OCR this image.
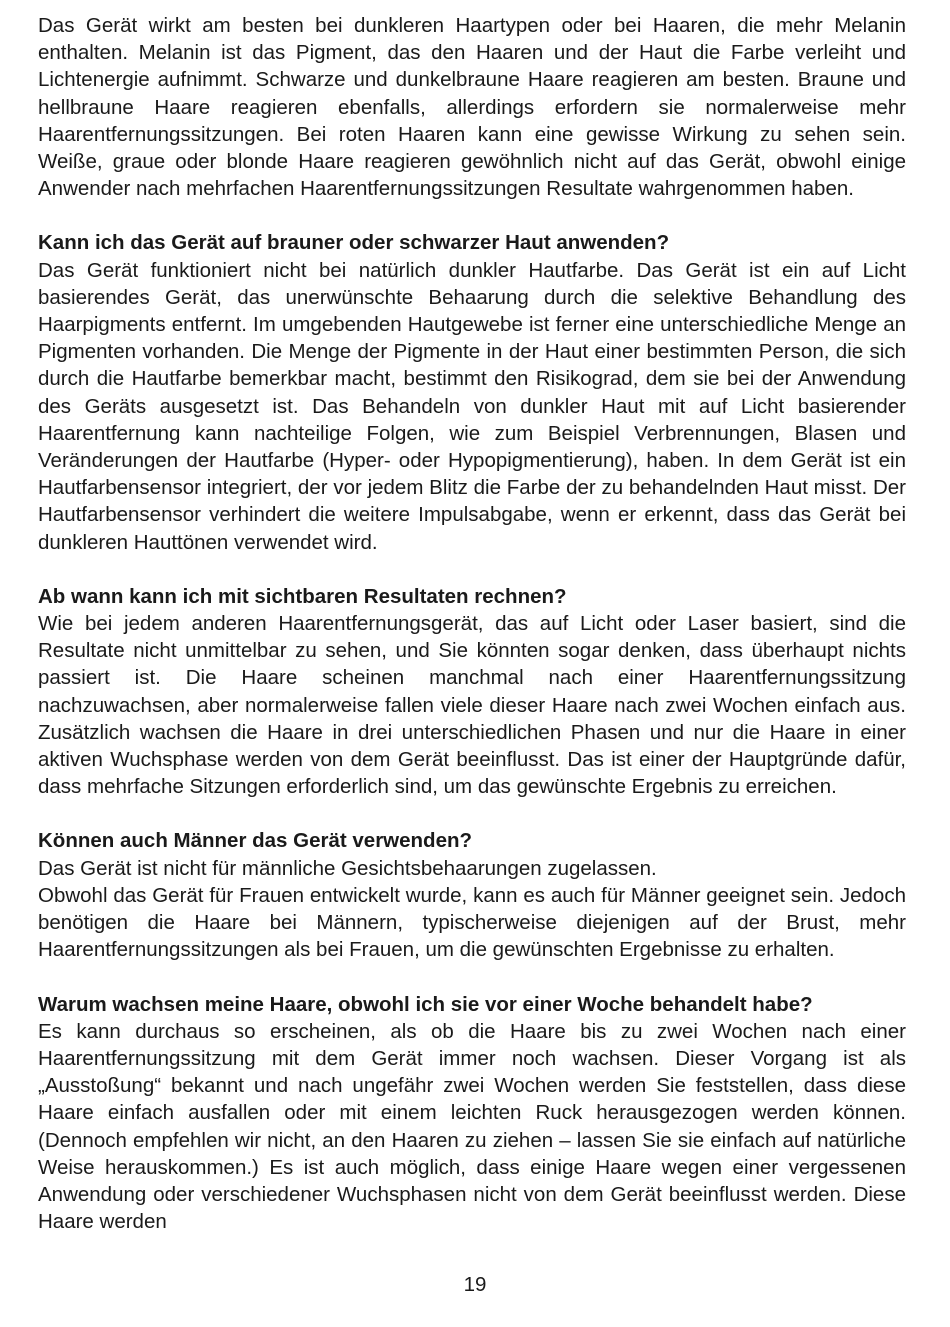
Das Gerät wirkt am besten bei dunkleren Haartypen oder bei Haaren, die mehr Melanin enthalten. Melanin ist das Pigment, das den Haaren und der Haut die Farbe verleiht und Lichtenergie aufnimmt. Schwarze und dunkelbraune Haare reagieren am besten. Braune und hellbraune Haare reagieren ebenfalls, allerdings erfordern sie normalerweise mehr Haarentfernungssitzungen. Bei roten Haaren kann eine gewisse Wirkung zu sehen sein. Weiße, graue oder blonde Haare reagieren gewöhnlich nicht auf das Gerät, obwohl einige Anwender nach mehrfachen Haarentfernungssitzungen Resultate wahrgenommen haben.

Kann ich das Gerät auf brauner oder schwarzer Haut anwenden?

Das Gerät funktioniert nicht bei natürlich dunkler Hautfarbe. Das Gerät ist ein auf Licht basierendes Gerät, das unerwünschte Behaarung durch die selektive Behandlung des Haarpigments entfernt. Im umgebenden Hautgewebe ist ferner eine unterschiedliche Menge an Pigmenten vorhanden. Die Menge der Pigmente in der Haut einer bestimmten Person, die sich durch die Hautfarbe bemerkbar macht, bestimmt den Risikograd, dem sie bei der Anwendung des Geräts ausgesetzt ist. Das Behandeln von dunkler Haut mit auf Licht basierender Haarentfernung kann nachteilige Folgen, wie zum Beispiel Verbrennungen, Blasen und Veränderungen der Hautfarbe (Hyper- oder Hypopigmentierung), haben. In dem Gerät ist ein Hautfarbensensor integriert, der vor jedem Blitz die Farbe der zu behandelnden Haut misst. Der Hautfarbensensor verhindert die weitere Impulsabgabe, wenn er erkennt, dass das Gerät bei dunkleren Hauttönen verwendet wird.

Ab wann kann ich mit sichtbaren Resultaten rechnen?

Wie bei jedem anderen Haarentfernungsgerät, das auf Licht oder Laser basiert, sind die Resultate nicht unmittelbar zu sehen, und Sie könnten sogar denken, dass überhaupt nichts passiert ist. Die Haare scheinen manchmal nach einer Haarentfernungssitzung nachzuwachsen, aber normalerweise fallen viele dieser Haare nach zwei Wochen einfach aus. Zusätzlich wachsen die Haare in drei unterschiedlichen Phasen und nur die Haare in einer aktiven Wuchsphase werden von dem Gerät beeinflusst. Das ist einer der Hauptgründe dafür, dass mehrfache Sitzungen erforderlich sind, um das gewünschte Ergebnis zu erreichen.

Können auch Männer das Gerät verwenden?

Das Gerät ist nicht für männliche Gesichtsbehaarungen zugelassen.

Obwohl das Gerät für Frauen entwickelt wurde, kann es auch für Männer geeignet sein. Jedoch benötigen die Haare bei Männern, typischerweise diejenigen auf der Brust, mehr Haarentfernungssitzungen als bei Frauen, um die gewünschten Ergebnisse zu erhalten.

Warum wachsen meine Haare, obwohl ich sie vor einer Woche behandelt habe?

Es kann durchaus so erscheinen, als ob die Haare bis zu zwei Wochen nach einer Haarentfernungssitzung mit dem Gerät immer noch wachsen. Dieser Vorgang ist als „Ausstoßung“ bekannt und nach ungefähr zwei Wochen werden Sie feststellen, dass diese Haare einfach ausfallen oder mit einem leichten Ruck herausgezogen werden können. (Dennoch empfehlen wir nicht, an den Haaren zu ziehen – lassen Sie sie einfach auf natürliche Weise herauskommen.) Es ist auch möglich, dass einige Haare wegen einer vergessenen Anwendung oder verschiedener Wuchsphasen nicht von dem Gerät beeinflusst werden. Diese Haare werden

19
